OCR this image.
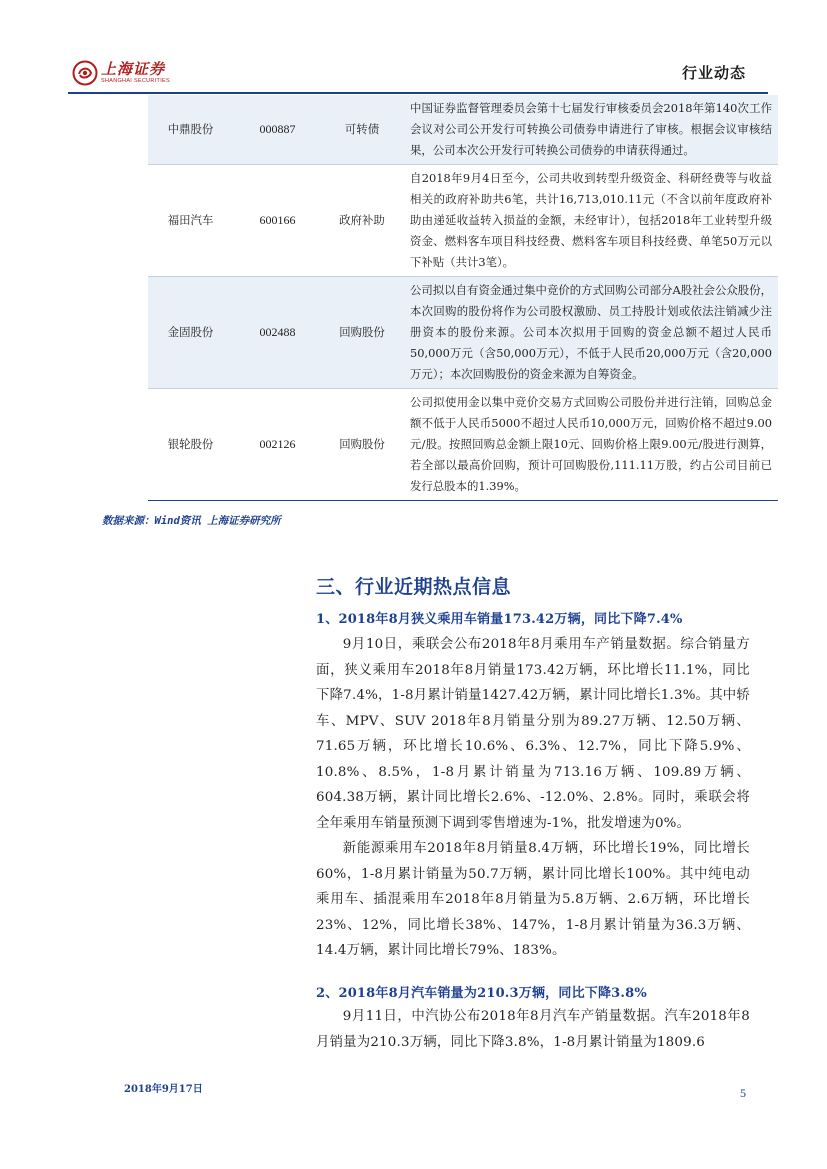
上海证券
SHANGHAI SECURITIES	行业动态
中鼎股份	000887	可转债	中国证券监督管理委员会第十七届发行审核委员会2018年第140次工作会议对公司公开发行可转换公司债券申请进行了审核。根据会议审核结果，公司本次公开发行可转换公司债券的申请获得通过。
福田汽车	600166	政府补助	自2018年9月4日至今，公司共收到转型升级资金、科研经费等与收益相关的政府补助共6笔，共计16,713,010.11元（不含以前年度政府补助由递延收益转入损益的金额，未经审计），包括2018年工业转型升级资金、燃料客车项目科技经费、燃料客车项目科技经费、单笔50万元以下补贴（共计3笔）。
金固股份	002488	回购股份	公司拟以自有资金通过集中竞价的方式回购公司部分A股社会公众股份，本次回购的股份将作为公司股权激励、员工持股计划或依法注销减少注册资本的股份来源。公司本次拟用于回购的资金总额不超过人民币50,000万元（含50,000万元），不低于人民币20,000万元（含20,000万元）；本次回购股份的资金来源为自筹资金。
银轮股份	002126	回购股份	公司拟使用金以集中竞价交易方式回购公司股份并进行注销，回购总金额不低于人民币5000不超过人民币10,000万元，回购价格不超过9.00元/股。按照回购总金额上限10元、回购价格上限9.00元/股进行测算，若全部以最高价回购，预计可回购股份,111.11万股，约占公司目前已发行总股本的1.39%。
数据来源：Wind资讯 上海证券研究所
三、行业近期热点信息
1、2018年8月狭义乘用车销量173.42万辆，同比下降7.4%

9月10日，乘联会公布2018年8月乘用车产销量数据。综合销量方面，狭义乘用车2018年8月销量173.42万辆，环比增长11.1%，同比下降7.4%，1-8月累计销量1427.42万辆，累计同比增长1.3%。其中轿车、MPV、SUV 2018年8月销量分别为89.27万辆、12.50万辆、71.65万辆，环比增长10.6%、6.3%、12.7%，同比下降5.9%、10.8%、8.5%，1-8月累计销量为713.16万辆、109.89万辆、604.38万辆，累计同比增长2.6%、-12.0%、2.8%。同时，乘联会将全年乘用车销量预测下调到零售增速为-1%，批发增速为0%。

新能源乘用车2018年8月销量8.4万辆，环比增长19%，同比增长60%，1-8月累计销量为50.7万辆，累计同比增长100%。其中纯电动乘用车、插混乘用车2018年8月销量为5.8万辆、2.6万辆，环比增长23%、12%，同比增长38%、147%，1-8月累计销量为36.3万辆、14.4万辆，累计同比增长79%、183%。

2、2018年8月汽车销量为210.3万辆，同比下降3.8%

9月11日，中汽协公布2018年8月汽车产销量数据。汽车2018年8月销量为210.3万辆，同比下降3.8%，1-8月累计销量为1809.6

2018年9月17日	5
